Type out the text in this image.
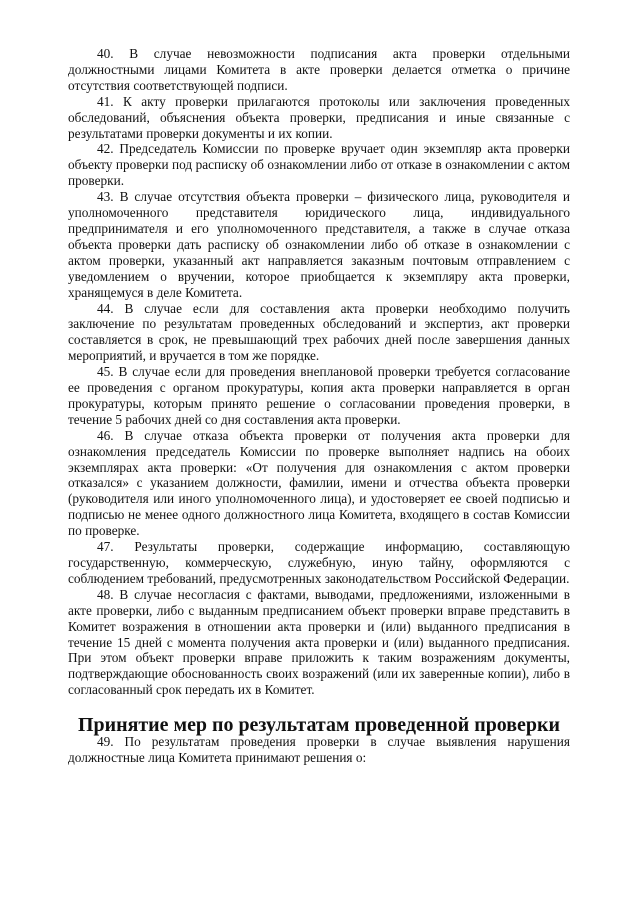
40. В случае невозможности подписания акта проверки отдельными должностными лицами Комитета в акте проверки делается отметка о причине отсутствия соответствующей подписи.

41. К акту проверки прилагаются протоколы или заключения проведенных обследований, объяснения объекта проверки, предписания и иные связанные с результатами проверки документы и их копии.

42. Председатель Комиссии по проверке вручает один экземпляр акта проверки объекту проверки под расписку об ознакомлении либо от отказе в ознакомлении с актом проверки.

43. В случае отсутствия объекта проверки – физического лица, руководителя и уполномоченного представителя юридического лица, индивидуального предпринимателя и его уполномоченного представителя, а также в случае отказа объекта проверки дать расписку об ознакомлении либо об отказе в ознакомлении с актом проверки, указанный акт направляется заказным почтовым отправлением с уведомлением о вручении, которое приобщается к экземпляру акта проверки, хранящемуся в деле Комитета.

44. В случае если для составления акта проверки необходимо получить заключение по результатам проведенных обследований и экспертиз, акт проверки составляется в срок, не превышающий трех рабочих дней после завершения данных мероприятий, и вручается в том же порядке.

45. В случае если для проведения внеплановой проверки требуется согласование ее проведения с органом прокуратуры, копия акта проверки направляется в орган прокуратуры, которым принято решение о согласовании проведения проверки, в течение 5 рабочих дней со дня составления акта проверки.

46. В случае отказа объекта проверки от получения акта проверки для ознакомления председатель Комиссии по проверке выполняет надпись на обоих экземплярах акта проверки: «От получения для ознакомления с актом проверки отказался» с указанием должности, фамилии, имени и отчества объекта проверки (руководителя или иного уполномоченного лица), и удостоверяет ее своей подписью и подписью не менее одного должностного лица Комитета, входящего в состав Комиссии по проверке.

47. Результаты проверки, содержащие информацию, составляющую государственную, коммерческую, служебную, иную тайну, оформляются с соблюдением требований, предусмотренных законодательством Российской Федерации.

48. В случае несогласия с фактами, выводами, предложениями, изложенными в акте проверки, либо с выданным предписанием объект проверки вправе представить в Комитет возражения в отношении акта проверки и (или) выданного предписания в течение 15 дней с момента получения акта проверки и (или) выданного предписания. При этом объект проверки вправе приложить к таким возражениям документы, подтверждающие обоснованность своих возражений (или их заверенные копии), либо в согласованный срок передать их в Комитет.

Принятие мер по результатам проведенной проверки

49. По результатам проведения проверки в случае выявления нарушения должностные лица Комитета принимают решения о:
